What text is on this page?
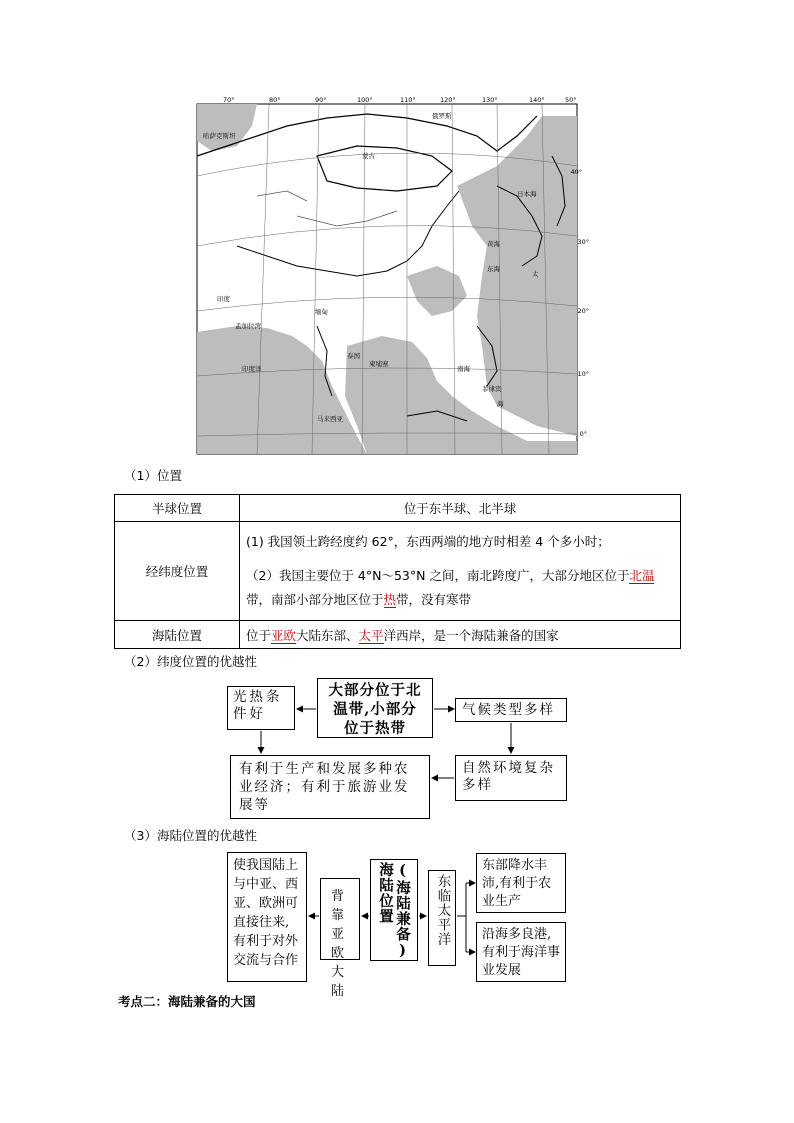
70°	80°	90°	100°	110°	120°	130°	140°	50°
40°
30°
20°
10°
0°
俄罗斯
蒙古
哈萨克斯坦
日本海
黄海
东海
太
南海
印度
缅甸
孟加拉湾
印度洋
泰国
柬埔寨
菲律宾
马来西亚
海
（1）位置
半球位置	位于东半球、北半球
经纬度位置	(1) 我国领土跨经度约 62°，东西两端的地方时相差 4 个多小时；
（2）我国主要位于 4°N～53°N 之间，南北跨度广，大部分地区位于北温带，南部小部分地区位于热带，没有寒带

海陆位置	位于亚欧大陆东部、太平洋西岸，是一个海陆兼备的国家
（2）纬度位置的优越性
光热条件好
大部分位于北温带,小部分位于热带
气候类型多样
有利于生产和发展多种农业经济；有利于旅游业发展等
自然环境复杂多样
（3）海陆位置的优越性
使我国陆上与中亚、西亚、欧洲可直接往来,有利于对外交流与合作
背靠亚欧大陆
(海陆兼备)海陆位置	东临太平洋
东部降水丰沛,有利于农业生产
沿海多良港,有利于海洋事业发展
考点二：海陆兼备的大国
